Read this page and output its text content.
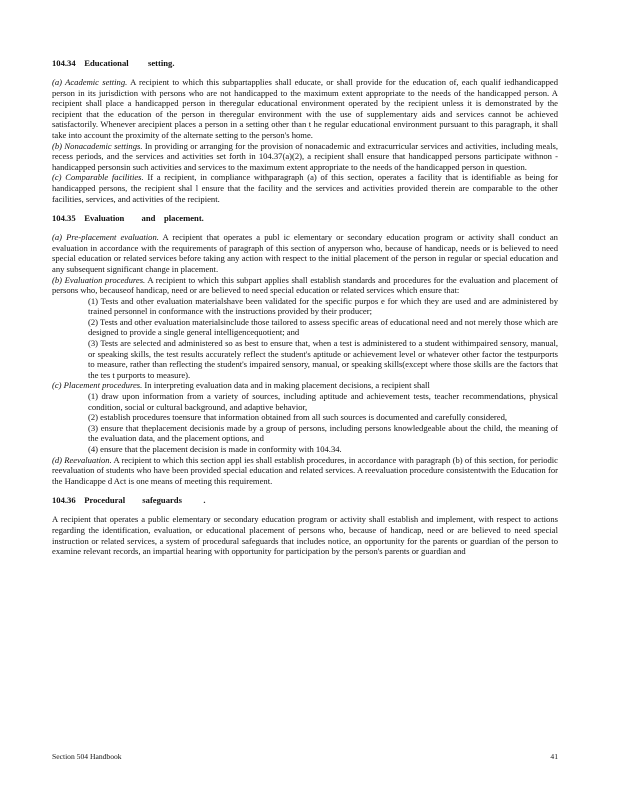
104.34    Educational         setting.

(a) Academic setting. A recipient to which this subpartapplies shall educate, or shall provide for the education of, each qualif iedhandicapped person in its jurisdiction with persons who are not handicapped to the maximum extent appropriate to the needs of the handicapped person. A recipient shall place a handicapped person in theregular educational environment operated by the recipient unless it is demonstrated by the recipient that the education of the person in theregular environment with the use of supplementary aids and services cannot be achieved satisfactorily. Whenever arecipient places a person in a setting other than t he regular educational environment pursuant to this paragraph, it shall take into account the proximity of the alternate setting to the person's home.

(b) Nonacademic settings. In providing or arranging for the provision of nonacademic and extracurricular services and activities, including meals, recess periods, and the services and activities set forth in 104.37(a)(2), a recipient shall ensure that handicapped persons participate withnon -handicapped personsin such activities and services to the maximum extent appropriate to the needs of the handicapped person in question.

(c) Comparable facilities. If a recipient, in compliance withparagraph (a) of this section, operates a facility that is identifiable as being for handicapped persons, the recipient shal l ensure that the facility and the services and activities provided therein are comparable to the other facilities, services, and activities of the recipient.

104.35    Evaluation        and    placement.

(a) Pre-placement evaluation. A recipient that operates a publ ic elementary or secondary education program or activity shall conduct an evaluation in accordance with the requirements of paragraph of this section of anyperson who, because of handicap, needs or is believed to need special education or related services before taking any action with respect to the initial placement of the person in regular or special education and any subsequent significant change in placement.

(b) Evaluation procedures. A recipient to which this subpart applies shall establish standards and procedures for the evaluation and placement of persons who, becauseof handicap, need or are believed to need special education or related services which ensure that:

(1) Tests and other evaluation materialshave been validated for the specific purpos e for which they are used and are administered by trained personnel in conformance with the instructions provided by their producer;

(2) Tests and other evaluation materialsinclude those tailored to assess specific areas of educational need and not merely those which are designed to provide a single general intelligencequotient; and

(3) Tests are selected and administered so as best to ensure that, when a test is administered to a student withimpaired sensory, manual, or speaking skills, the test results accurately reflect the student's aptitude or achievement level or whatever other factor the testpurports to measure, rather than reflecting the student's impaired sensory, manual, or speaking skills(except where those skills are the factors that the tes t purports to measure).

(c) Placement procedures. In interpreting evaluation data and in making placement decisions, a recipient shall

(1) draw upon information from a variety of sources, including aptitude and achievement tests, teacher recommendations, physical condition, social or cultural background, and adaptive behavior,

(2) establish procedures toensure that information obtained from all such sources is documented and carefully considered,

(3) ensure that theplacement decisionis made by a group of persons, including persons knowledgeable about the child, the meaning of the evaluation data, and the placement options, and

(4) ensure that the placement decision is made in conformity with 104.34.

(d) Reevaluation. A recipient to which this section appl ies shall establish procedures, in accordance with paragraph (b) of this section, for periodic reevaluation of students who have been provided special education and related services. A reevaluation procedure consistentwith the Education for the Handicappe d Act is one means of meeting this requirement.

104.36    Procedural        safeguards          .

A recipient that operates a public elementary or secondary education program or activity shall establish and implement, with respect to actions regarding the identification, evaluation, or educational placement of persons who, because of handicap, need or are believed to need special instruction or related services, a system of procedural safeguards that includes notice, an opportunity for the parents or guardian of the person to examine relevant records, an impartial hearing with opportunity for participation by the person's parents or guardian and

Section 504 Handbook	41
